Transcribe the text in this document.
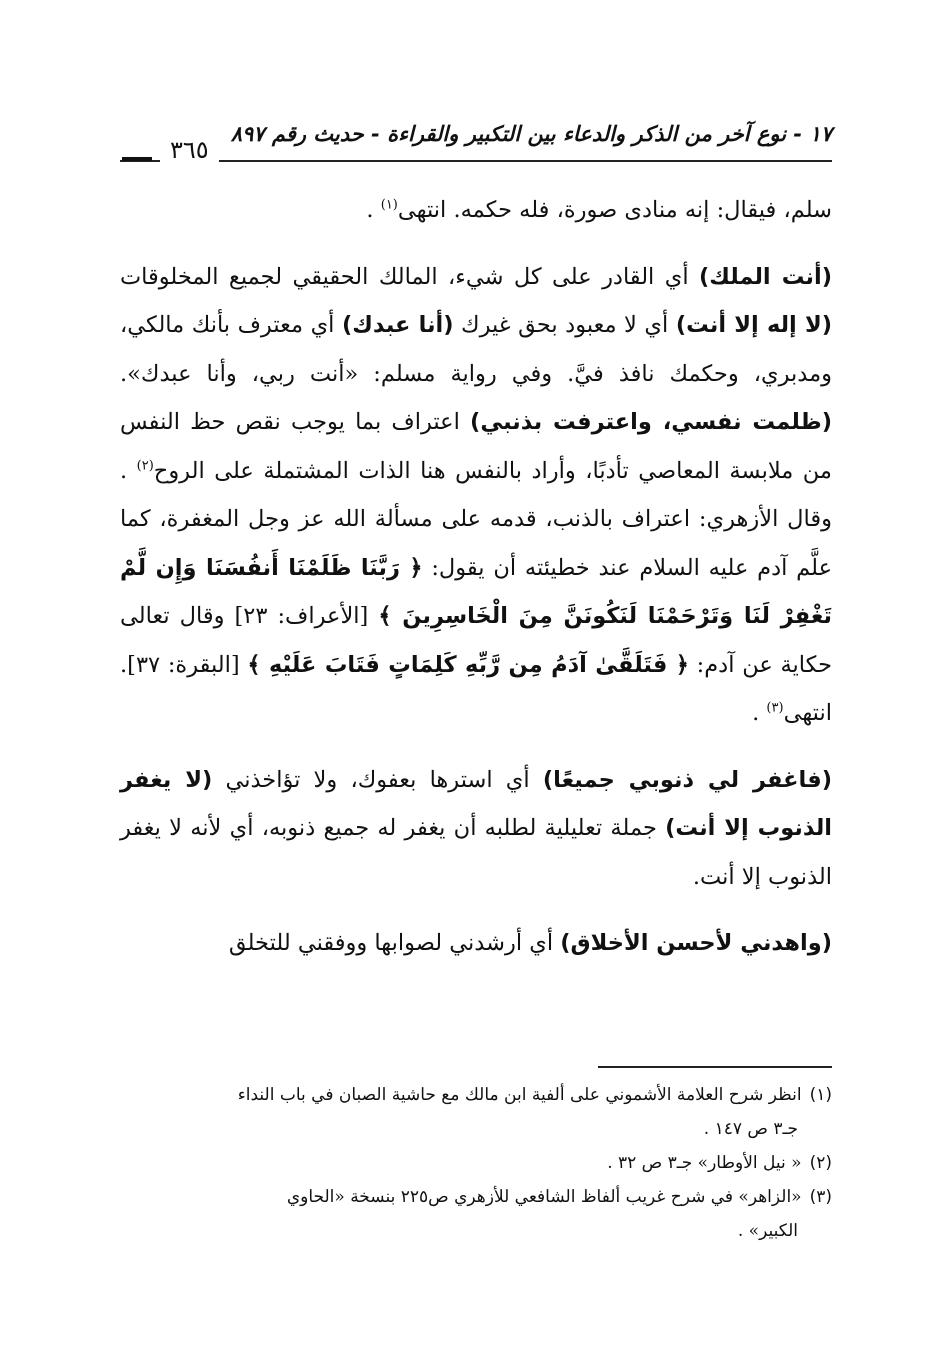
١٧ - نوع آخر من الذكر والدعاء بين التكبير والقراءة - حديث رقم ٨٩٧
٣٦٥

سلم، فيقال: إنه منادى صورة، فله حكمه. انتهى$^{(١)}$ .

(أنت الملك) أي القادر على كل شيء، المالك الحقيقي لجميع المخلوقات (لا إله إلا أنت) أي لا معبود بحق غيرك (أنا عبدك) أي معترف بأنك مالكي، ومدبري، وحكمك نافذ فيَّ. وفي رواية مسلم: «أنت ربي، وأنا عبدك». (ظلمت نفسي، واعترفت بذنبي) اعتراف بما يوجب نقص حظ النفس من ملابسة المعاصي تأدبًا، وأراد بالنفس هنا الذات المشتملة على الروح$^{(٢)}$ . وقال الأزهري: اعتراف بالذنب، قدمه على مسألة الله عز وجل المغفرة، كما علَّم آدم عليه السلام عند خطيئته أن يقول: ﴿ رَبَّنَا ظَلَمْنَا أَنفُسَنَا وَإِن لَّمْ تَغْفِرْ لَنَا وَتَرْحَمْنَا لَنَكُونَنَّ مِنَ الْخَاسِرِينَ ﴾ [الأعراف: ٢٣] وقال تعالى حكاية عن آدم: ﴿ فَتَلَقَّىٰ آدَمُ مِن رَّبِّهِ كَلِمَاتٍ فَتَابَ عَلَيْهِ ﴾ [البقرة: ٣٧]. انتهى$^{(٣)}$ .

(فاغفر لي ذنوبي جميعًا) أي استرها بعفوك، ولا تؤاخذني (لا يغفر الذنوب إلا أنت) جملة تعليلية لطلبه أن يغفر له جميع ذنوبه، أي لأنه لا يغفر الذنوب إلا أنت.

(واهدني لأحسن الأخلاق) أي أرشدني لصوابها ووفقني للتخلق

(١)انظر شرح العلامة الأشموني على ألفية ابن مالك مع حاشية الصبان في باب النداء
جـ٣ ص ١٤٧ .

(٢)« نيل الأوطار» جـ٣ ص ٣٢ .

(٣)«الزاهر» في شرح غريب ألفاظ الشافعي للأزهري ص٢٢٥ بنسخة «الحاوي
الكبير» .
